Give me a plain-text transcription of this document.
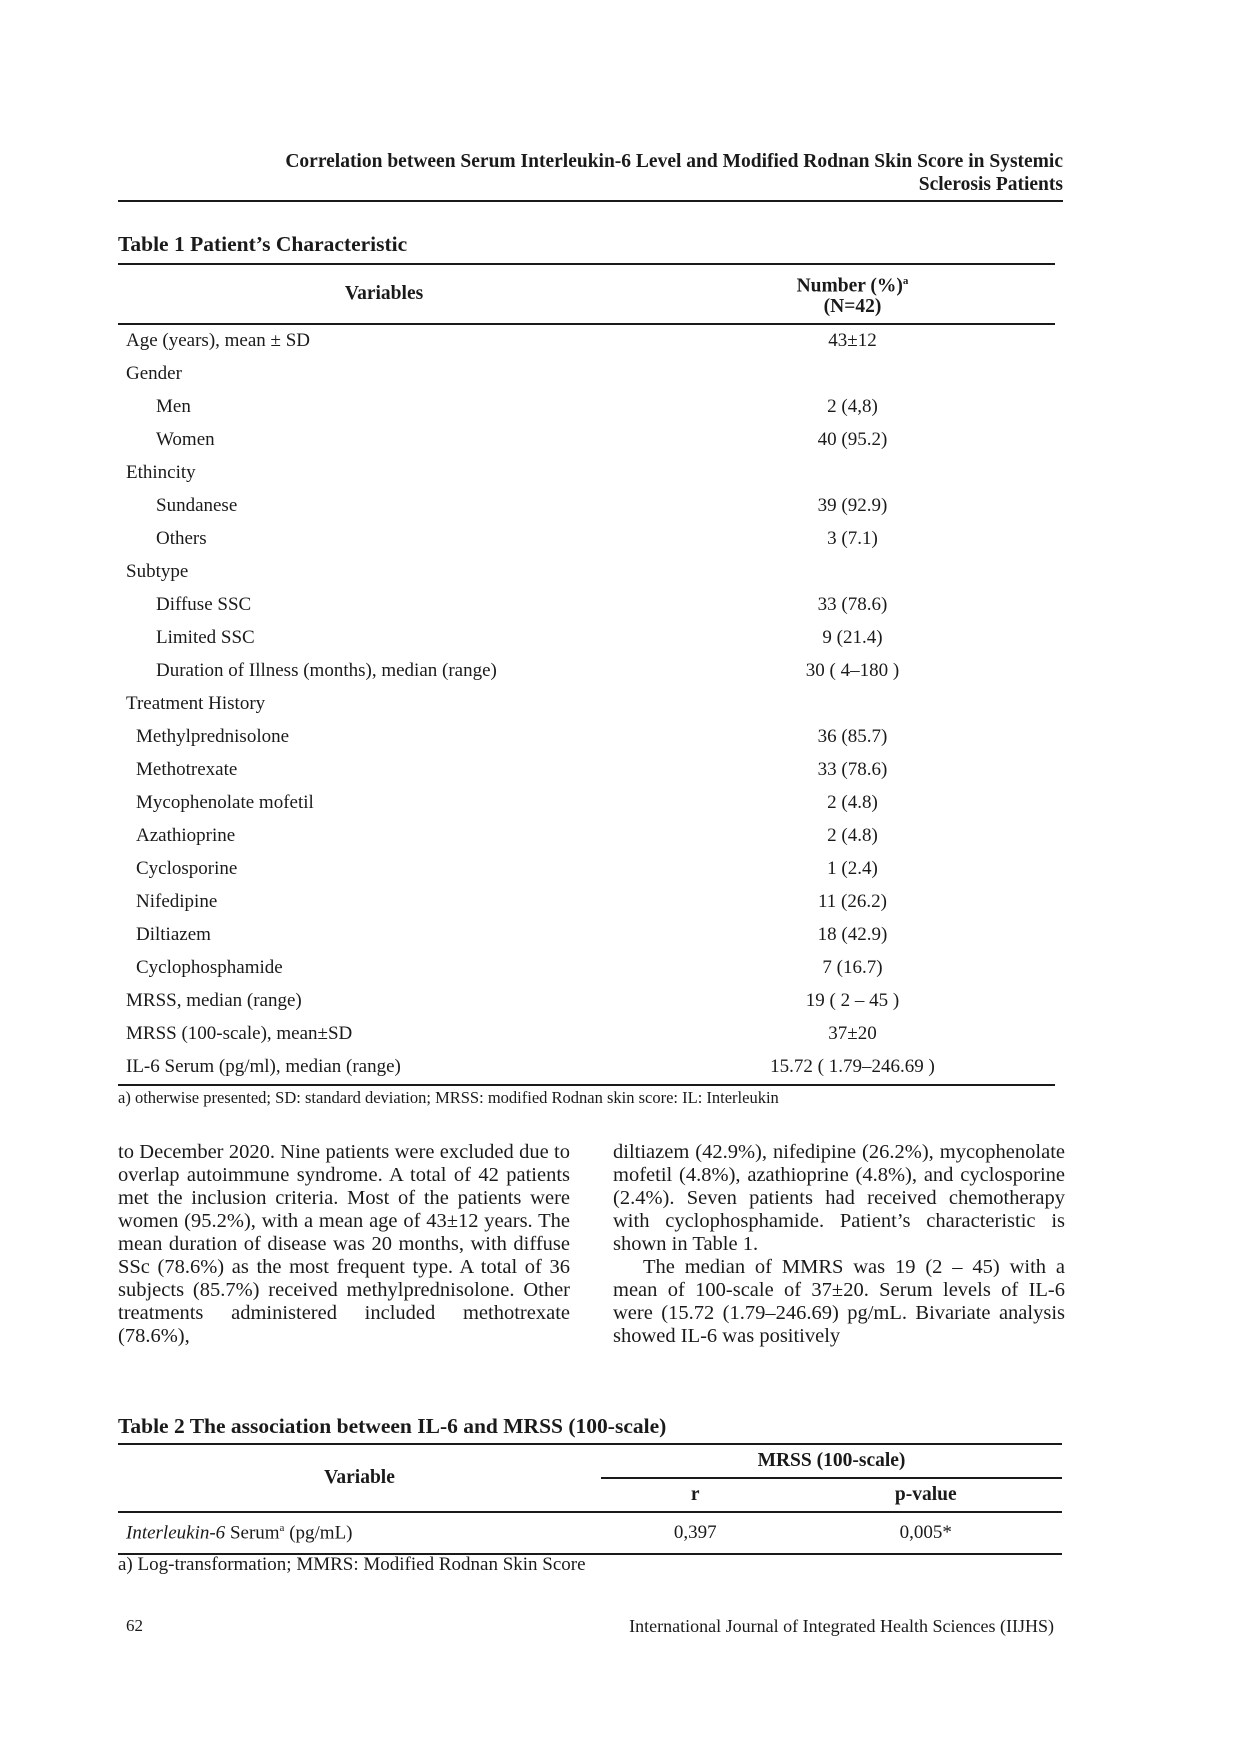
Correlation between Serum Interleukin-6 Level and Modified Rodnan Skin Score in Systemic
Sclerosis Patients
Table 1 Patient’s Characteristic
Variables	Number (%)$^a$
(N=42)
Age (years), mean ± SD	43±12
Gender	
Men	2 (4,8)
Women	40 (95.2)
Ethincity	
Sundanese	39 (92.9)
Others	3 (7.1)
Subtype	
Diffuse SSC	33 (78.6)
Limited SSC	9 (21.4)
Duration of Illness (months), median (range)	30 ( 4–180 )
Treatment History	
Methylprednisolone	36 (85.7)
Methotrexate	33 (78.6)
Mycophenolate mofetil	2 (4.8)
Azathioprine	2 (4.8)
Cyclosporine	1 (2.4)
Nifedipine	11 (26.2)
Diltiazem	18 (42.9)
Cyclophosphamide	7 (16.7)
MRSS, median (range)	19 ( 2 – 45 )
MRSS (100-scale), mean±SD	37±20
IL-6 Serum (pg/ml), median (range)	15.72 ( 1.79–246.69 )
a) otherwise presented; SD: standard deviation; MRSS: modified Rodnan skin score: IL: Interleukin

to December 2020. Nine patients were excluded due to overlap autoimmune syndrome. A total of 42 patients met the inclusion criteria. Most of the patients were women (95.2%), with a mean age of 43±12 years. The mean duration of disease was 20 months, with diffuse SSc (78.6%) as the most frequent type. A total of 36 subjects (85.7%) received methylprednisolone. Other treatments administered included methotrexate (78.6%),

diltiazem (42.9%), nifedipine (26.2%), mycophenolate mofetil (4.8%), azathioprine (4.8%), and cyclosporine (2.4%). Seven patients had received chemotherapy with cyclophosphamide. Patient’s characteristic is shown in Table 1.

The median of MMRS was 19 (2 – 45) with a mean of 100-scale of 37±20. Serum levels of IL-6 were (15.72 (1.79–246.69) pg/mL. Bivariate analysis showed IL-6 was positively

Table 2 The association between IL-6 and MRSS (100-scale)
Variable	MRSS (100-scale)	
	r	p-value
Interleukin-6 Serum$^a$ (pg/mL)	0,397	0,005*
a) Log-transformation; MMRS: Modified Rodnan Skin Score
62	International Journal of Integrated Health Sciences (IIJHS)
